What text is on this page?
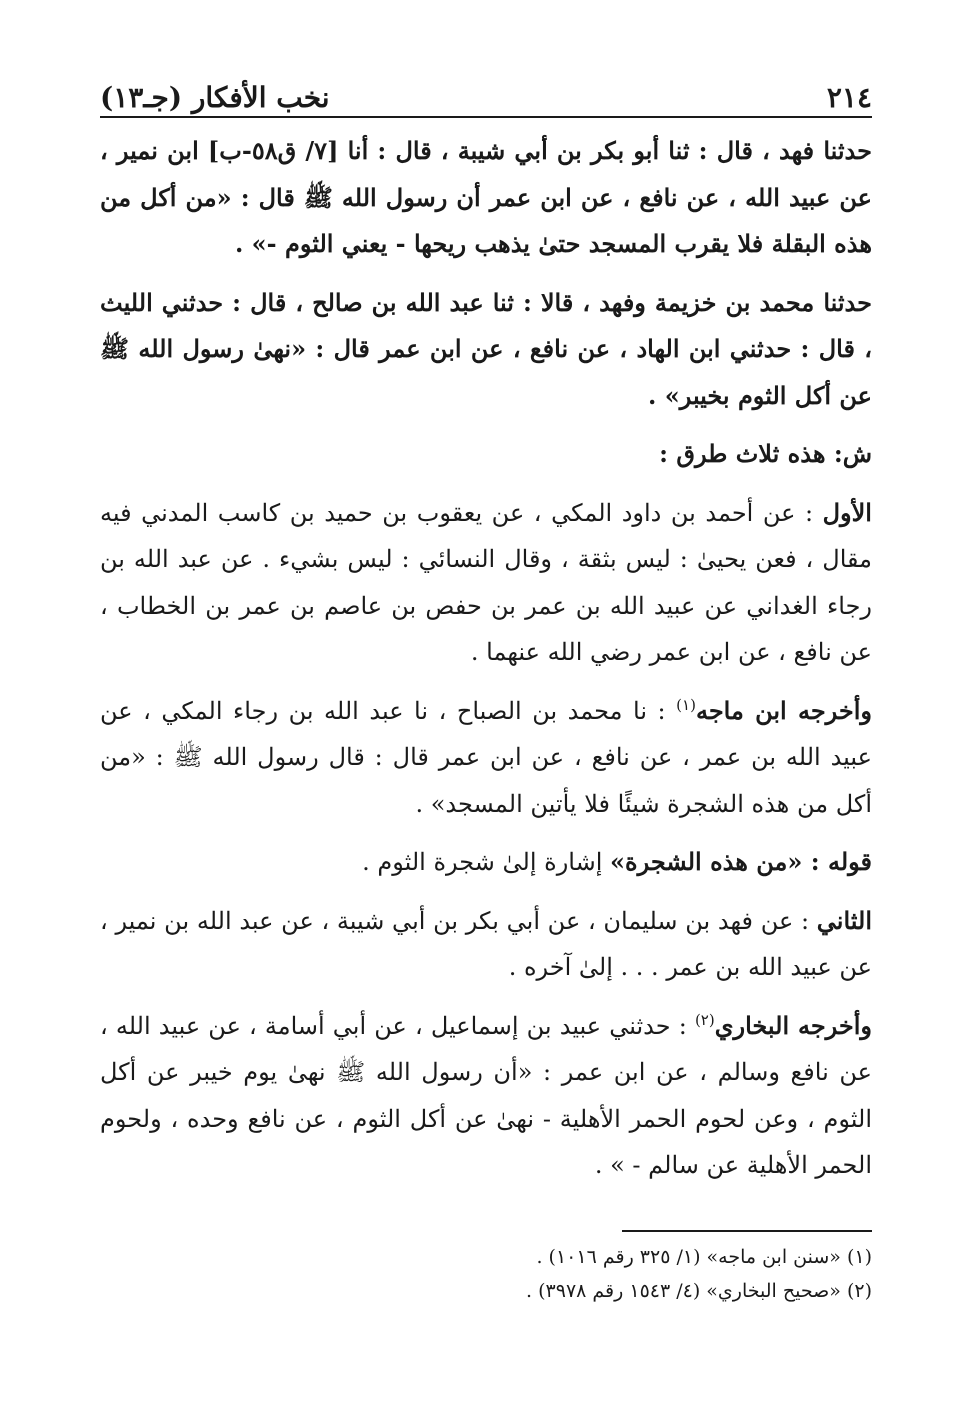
٢١٤
نخب الأفكار (جـ١٣)

حدثنا فهد ، قال : ثنا أبو بكر بن أبي شيبة ، قال : أنا [٧/ ق٥٨-ب] ابن نمير ، عن عبيد الله ، عن نافع ، عن ابن عمر أن رسول الله ﷺ قال : «من أكل من هذه البقلة فلا يقرب المسجد حتىٰ يذهب ريحها - يعني الثوم -» .

حدثنا محمد بن خزيمة وفهد ، قالا : ثنا عبد الله بن صالح ، قال : حدثني الليث ، قال : حدثني ابن الهاد ، عن نافع ، عن ابن عمر قال : «نهىٰ رسول الله ﷺ عن أكل الثوم بخيبر» .

ش: هذه ثلاث طرق :

الأول : عن أحمد بن داود المكي ، عن يعقوب بن حميد بن كاسب المدني فيه مقال ، فعن يحيىٰ : ليس بثقة ، وقال النسائي : ليس بشيء . عن عبد الله بن رجاء الغداني عن عبيد الله بن عمر بن حفص بن عاصم بن عمر بن الخطاب ، عن نافع ، عن ابن عمر رضي الله عنهما .

وأخرجه ابن ماجه$^{(١)}$ : نا محمد بن الصباح ، نا عبد الله بن رجاء المكي ، عن عبيد الله بن عمر ، عن نافع ، عن ابن عمر قال : قال رسول الله ﷺ : «من أكل من هذه الشجرة شيئًا فلا يأتين المسجد» .

قوله : «من هذه الشجرة» إشارة إلىٰ شجرة الثوم .

الثاني : عن فهد بن سليمان ، عن أبي بكر بن أبي شيبة ، عن عبد الله بن نمير ، عن عبيد الله بن عمر . . . إلىٰ آخره .

وأخرجه البخاري$^{(٢)}$ : حدثني عبيد بن إسماعيل ، عن أبي أسامة ، عن عبيد الله ، عن نافع وسالم ، عن ابن عمر : «أن رسول الله ﷺ نهىٰ يوم خيبر عن أكل الثوم ، وعن لحوم الحمر الأهلية - نهىٰ عن أكل الثوم ، عن نافع وحده ، ولحوم الحمر الأهلية عن سالم - » .

(١) «سنن ابن ماجه» (١/ ٣٢٥ رقم ١٠١٦) .

(٢) «صحيح البخاري» (٤/ ١٥٤٣ رقم ٣٩٧٨) .
